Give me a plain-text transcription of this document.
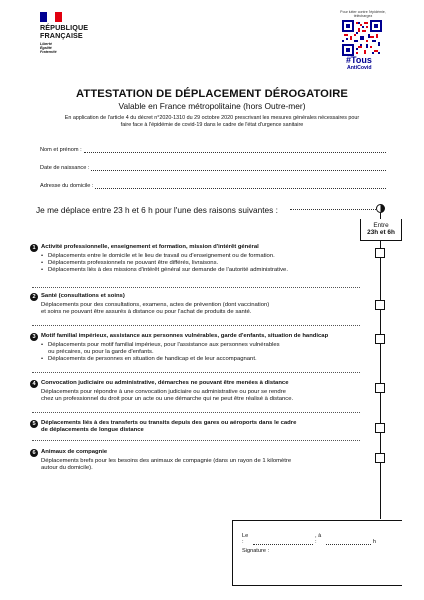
RÉPUBLIQUE
FRANÇAISE
Liberté
Égalité
Fraternité
Pour lutter contre l'épidémie, téléchargez
#Tous
AntiCovid
ATTESTATION DE DÉPLACEMENT DÉROGATOIRE
Valable en France métropolitaine (hors Outre-mer)
En application de l'article 4 du décret n°2020-1310 du 29 octobre 2020 prescrivant les mesures générales nécessaires pour faire face à l'épidémie de covid-19 dans le cadre de l'état d'urgence sanitaire
Nom et prénom :
Date de naissance :
Adresse du domicile :
Je me déplace entre 23 h et 6 h pour l'une des raisons suivantes :
Entre
23h et 6h
1 Activité professionnelle, enseignement et formation, mission d'intérêt général
• Déplacements entre le domicile et le lieu de travail ou d'enseignement ou de formation.
• Déplacements professionnels ne pouvant être différés, livraisons.
• Déplacements liés à des missions d'intérêt général sur demande de l'autorité administrative.
2 Santé (consultations et soins)
Déplacements pour des consultations, examens, actes de prévention (dont vaccination)
et soins ne pouvant être assurés à distance ou pour l'achat de produits de santé.
3 Motif familial impérieux, assistance aux personnes vulnérables, garde d'enfants, situation de handicap
• Déplacements pour motif familial impérieux, pour l'assistance aux personnes vulnérables
ou précaires, ou pour la garde d'enfants.
• Déplacements de personnes en situation de handicap et de leur accompagnant.
4 Convocation judiciaire ou administrative, démarches ne pouvant être menées à distance
Déplacements pour répondre à une convocation judiciaire ou administrative ou pour se rendre
chez un professionnel du droit pour un acte ou une démarche qui ne peut être réalisé à distance.
5 Déplacements liés à des transferts ou transits depuis des gares ou aéroports dans le cadre
de déplacements de longue distance
6 Animaux de compagnie
Déplacements brefs pour les besoins des animaux de compagnie (dans un rayon de 1 kilomètre
autour du domicile).
Le :
, à :	h
Signature :
